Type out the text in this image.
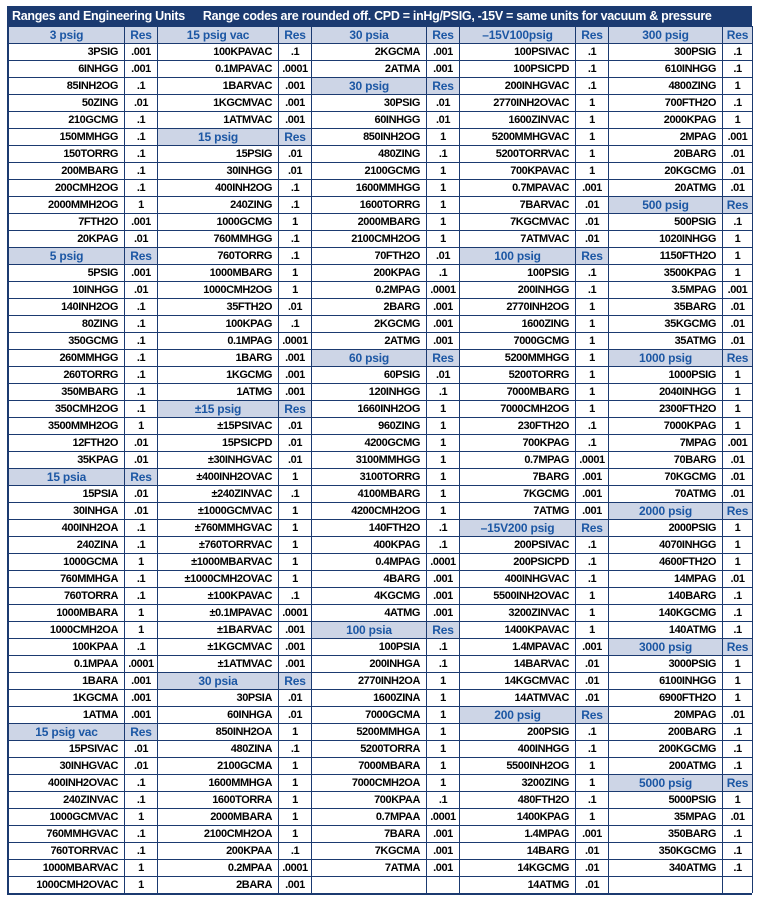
Ranges and Engineering Units Range codes are rounded off. CPD = inHg/PSIG, -15V = same units for vacuum & pressure
3 psig	Res
3PSIG	.001
6INHGG	.001
85INH2OG	.1
50ZING	.01
210GCMG	.1
150MMHGG	.1
150TORRG	.1
200MBARG	.1
200CMH2OG	.1
2000MMH2OG	1
7FTH2O	.001
20KPAG	.01
5 psig	Res
5PSIG	.001
10INHGG	.01
140INH2OG	.1
80ZING	.1
350GCMG	.1
260MMHGG	.1
260TORRG	.1
350MBARG	.1
350CMH2OG	.1
3500MMH2OG	1
12FTH2O	.01
35KPAG	.01
15 psia	Res
15PSIA	.01
30INHGA	.01
400INH2OA	.1
240ZINA	.1
1000GCMA	1
760MMHGA	.1
760TORRA	.1
1000MBARA	1
1000CMH2OA	1
100KPAA	.1
0.1MPAA .0001
1BARA	.001
1KGCMA	.001
1ATMA	.001
15 psig vac	Res
15PSIVAC	.01
30INHGVAC	.01
400INH2OVAC	.1
240ZINVAC	.1
1000GCMVAC	1
760MMHGVAC	.1
760TORRVAC	.1
1000MBARVAC	1
1000CMH2OVAC	1
15 psig vac	Res
100KPAVAC	.1
0.1MPAVAC .0001
1BARVAC	.001
1KGCMVAC	.001
1ATMVAC	.001
15 psig	Res
15PSIG	.01
30INHGG	.01
400INH2OG	.1
240ZING	.1
1000GCMG	1
760MMHGG	.1
760TORRG	.1
1000MBARG	1
1000CMH2OG	1
35FTH2O	.01
100KPAG	.1
0.1MPAG .0001
1BARG	.001
1KGCMG	.001
1ATMG	.001
±15 psig	Res
±15PSIVAC	.01
15PSICPD	.01
±30INHGVAC	.01
±400INH2OVAC	1
±240ZINVAC	.1
±1000GCMVAC	1
±760MMHGVAC	1
±760TORRVAC	1
±1000MBARVAC	1
±1000CMH2OVAC	1
±100KPAVAC	.1
±0.1MPAVAC .0001
±1BARVAC	.001
±1KGCMVAC	.001
±1ATMVAC	.001
30 psia	Res
30PSIA	.01
60INHGA	.01
850INH2OA	1
480ZINA	.1
2100GCMA	1
1600MMHGA	1
1600TORRA	1
2000MBARA	1
2100CMH2OA	1
200KPAA	.1
0.2MPAA .0001
2BARA	.001
30 psia	Res
2KGCMA	.001
2ATMA	.001
30 psig	Res
30PSIG	.01
60INHGG	.01
850INH2OG	1
480ZING	.1
2100GCMG	1
1600MMHGG	1
1600TORRG	1
2000MBARG	1
2100CMH2OG	1
70FTH2O	.01
200KPAG	.1
0.2MPAG .0001
2BARG	.001
2KGCMG	.001
2ATMG	.001
60 psig	Res
60PSIG	.01
120INHGG	.1
1660INH2OG	1
960ZING	1
4200GCMG	1
3100MMHGG	1
3100TORRG	1
4100MBARG	1
4200CMH2OG	1
140FTH2O	.1
400KPAG	.1
0.4MPAG .0001
4BARG	.001
4KGCMG	.001
4ATMG	.001
100 psia	Res
100PSIA	.1
200INHGA	.1
2770INH2OA	1
1600ZINA	1
7000GCMA	1
5200MMHGA	1
5200TORRA	1
7000MBARA	1
7000CMH2OA	1
700KPAA	.1
0.7MPAA .0001
7BARA	.001
7KGCMA	.001
7ATMA	.001
–15V100psig	Res
100PSIVAC	.1
100PSICPD	.1
200INHGVAC	.1
2770INH2OVAC	1
1600ZINVAC	1
5200MMHGVAC	1
5200TORRVAC	1
700KPAVAC	1
0.7MPAVAC	.001
7BARVAC	.01
7KGCMVAC	.01
7ATMVAC	.01
100 psig	Res
100PSIG	.1
200INHGG	.1
2770INH2OG	1
1600ZING	1
7000GCMG	1
5200MMHGG	1
5200TORRG	1
7000MBARG	1
7000CMH2OG	1
230FTH2O	.1
700KPAG	.1
0.7MPAG .0001
7BARG	.001
7KGCMG	.001
7ATMG	.001
–15V200 psig	Res
200PSIVAC	.1
200PSICPD	.1
400INHGVAC	.1
5500INH2OVAC	1
3200ZINVAC	1
1400KPAVAC	1
1.4MPAVAC	.001
14BARVAC	.01
14KGCMVAC	.01
14ATMVAC	.01
200 psig	Res
200PSIG	.1
400INHGG	.1
5500INH2OG	1
3200ZING	1
480FTH2O	.1
1400KPAG	1
1.4MPAG	.001
14BARG	.01
14KGCMG	.01
14ATMG	.01
300 psig	Res
300PSIG	.1
610INHGG	.1
4800ZING	1
700FTH2O	.1
2000KPAG	1
2MPAG	.001
20BARG	.01
20KGCMG	.01
20ATMG	.01
500 psig	Res
500PSIG	.1
1020INHGG	1
1150FTH2O	1
3500KPAG	1
3.5MPAG	.001
35BARG	.01
35KGCMG	.01
35ATMG	.01
1000 psig	Res
1000PSIG	1
2040INHGG	1
2300FTH2O	1
7000KPAG	1
7MPAG	.001
70BARG	.01
70KGCMG	.01
70ATMG	.01
2000 psig	Res
2000PSIG	1
4070INHGG	1
4600FTH2O	1
14MPAG	.01
140BARG	.1
140KGCMG	.1
140ATMG	.1
3000 psig	Res
3000PSIG	1
6100INHGG	1
6900FTH2O	1
20MPAG	.01
200BARG	.1
200KGCMG	.1
200ATMG	.1
5000 psig	Res
5000PSIG	1
35MPAG	.01
350BARG	.1
350KGCMG	.1
340ATMG	.1
